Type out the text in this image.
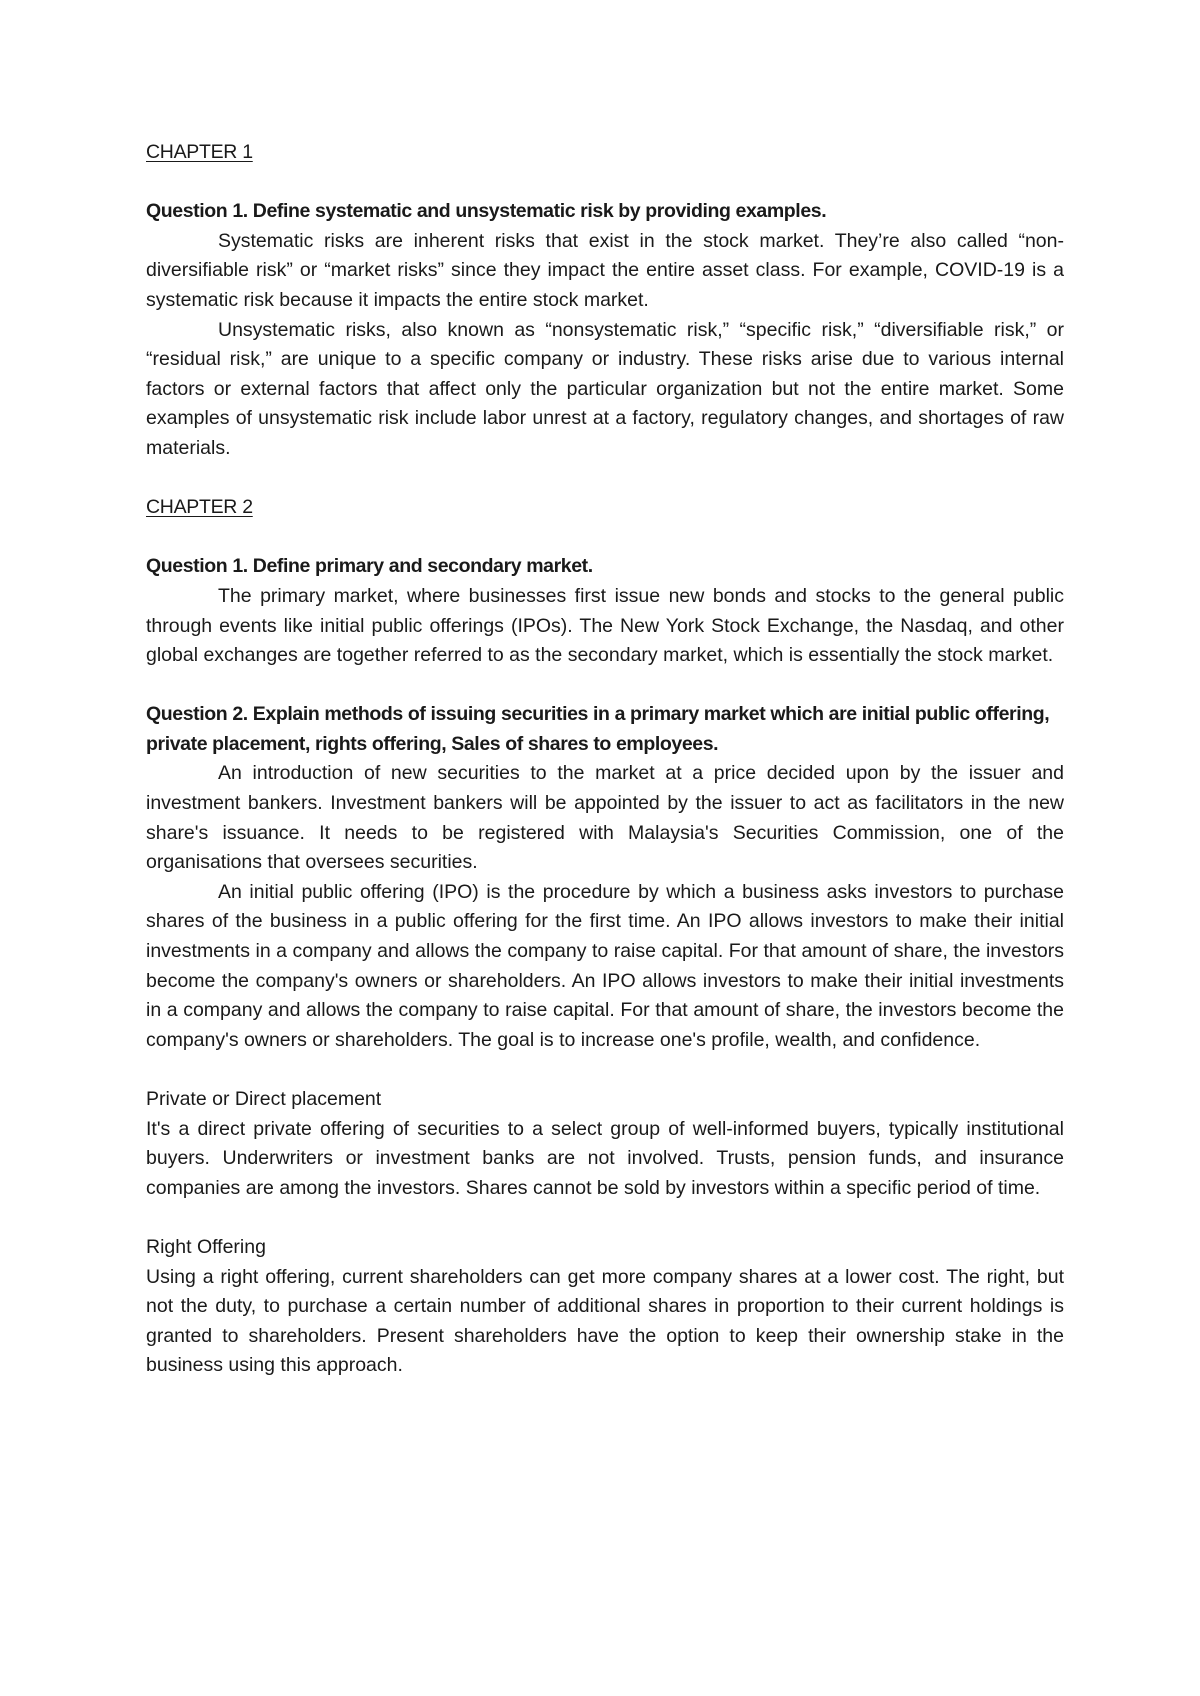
CHAPTER 1

Question 1. Define systematic and unsystematic risk by providing examples.

Systematic risks are inherent risks that exist in the stock market. They’re also called “non-diversifiable risk” or “market risks” since they impact the entire asset class. For example, COVID-19 is a systematic risk because it impacts the entire stock market.

Unsystematic risks, also known as “nonsystematic risk,” “specific risk,” “diversifiable risk,” or “residual risk,” are unique to a specific company or industry. These risks arise due to various internal factors or external factors that affect only the particular organization but not the entire market. Some examples of unsystematic risk include labor unrest at a factory, regulatory changes, and shortages of raw materials.

CHAPTER 2

Question 1. Define primary and secondary market.

The primary market, where businesses first issue new bonds and stocks to the general public through events like initial public offerings (IPOs). The New York Stock Exchange, the Nasdaq, and other global exchanges are together referred to as the secondary market, which is essentially the stock market.

Question 2. Explain methods of issuing securities in a primary market which are initial public offering, private placement, rights offering, Sales of shares to employees.

An introduction of new securities to the market at a price decided upon by the issuer and investment bankers. Investment bankers will be appointed by the issuer to act as facilitators in the new share's issuance. It needs to be registered with Malaysia's Securities Commission, one of the organisations that oversees securities.

An initial public offering (IPO) is the procedure by which a business asks investors to purchase shares of the business in a public offering for the first time. An IPO allows investors to make their initial investments in a company and allows the company to raise capital. For that amount of share, the investors become the company's owners or shareholders. An IPO allows investors to make their initial investments in a company and allows the company to raise capital. For that amount of share, the investors become the company's owners or shareholders. The goal is to increase one's profile, wealth, and confidence.

Private or Direct placement

It's a direct private offering of securities to a select group of well-informed buyers, typically institutional buyers. Underwriters or investment banks are not involved. Trusts, pension funds, and insurance companies are among the investors. Shares cannot be sold by investors within a specific period of time.

Right Offering

Using a right offering, current shareholders can get more company shares at a lower cost. The right, but not the duty, to purchase a certain number of additional shares in proportion to their current holdings is granted to shareholders. Present shareholders have the option to keep their ownership stake in the business using this approach.
